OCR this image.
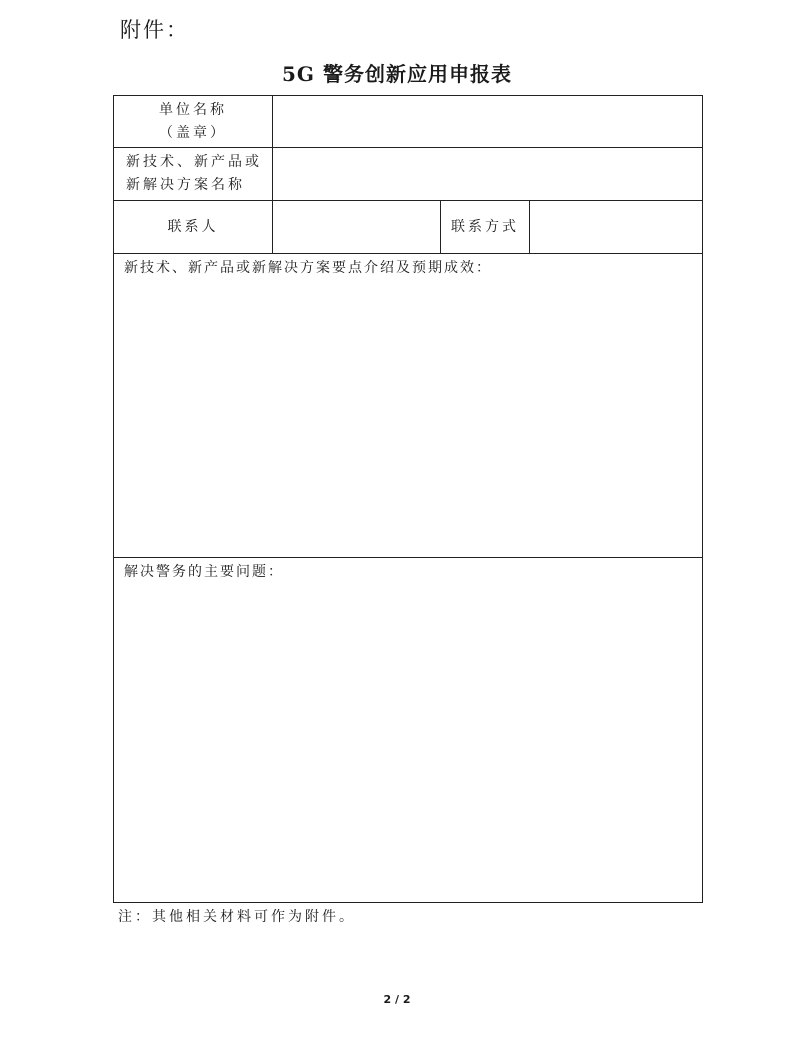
附件：
5G 警务创新应用申报表
单位名称
（盖章）
新技术、新产品或
新解决方案名称
联系人	联系方式
新技术、新产品或新解决方案要点介绍及预期成效：
解决警务的主要问题：
注：其他相关材料可作为附件。
2 / 2
